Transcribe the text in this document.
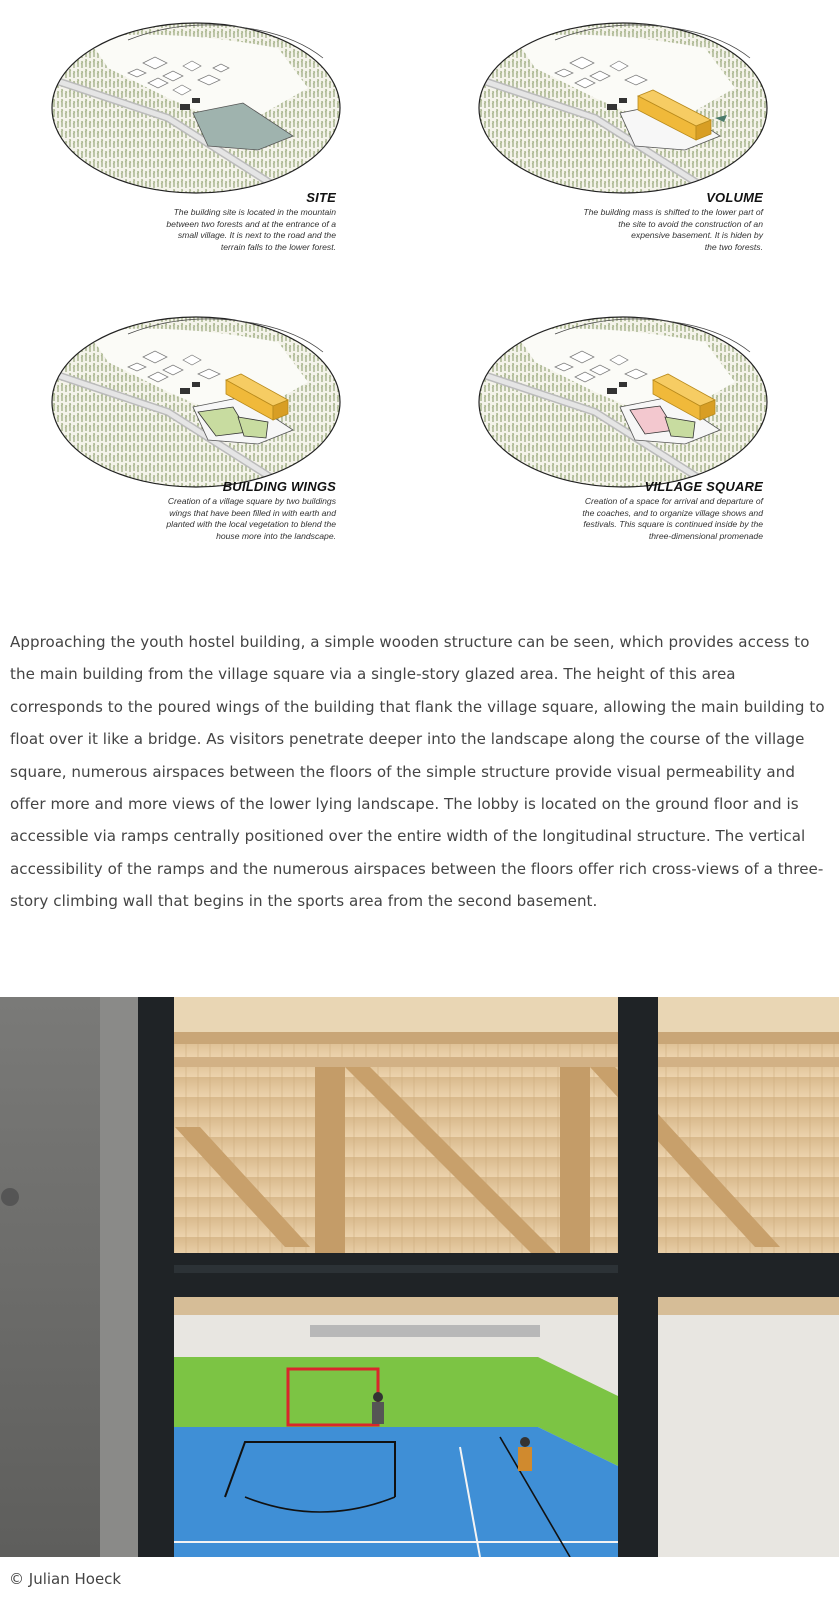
SITE
The building site is located in the mountain
between two forests and at the entrance of a
small village. It is next to the road and the
terrain falls to the lower forest.
VOLUME
The building mass is shifted to the lower part of
the site to avoid the construction of an
expensive basement. It is hiden by
the two forests.
BUILDING WINGS
Creation of a village square by two buildings
wings that have been filled in with earth and
planted with the local vegetation to blend the
house more into the landscape.
VILLAGE SQUARE
Creation of a space for arrival and departure of
the coaches, and to organize village shows and
festivals. This square is continued inside by the
three-dimensional promenade
Approaching the youth hostel building, a simple wooden structure can be seen, which provides access to the main building from the village square via a single-story glazed area. The height of this area corresponds to the poured wings of the building that flank the village square, allowing the main building to float over it like a bridge. As visitors penetrate deeper into the landscape along the course of the village square, numerous airspaces between the floors of the simple structure provide visual permeability and offer more and more views of the lower lying landscape. The lobby is located on the ground floor and is accessible via ramps centrally positioned over the entire width of the longitudinal structure. The vertical accessibility of the ramps and the numerous airspaces between the floors offer rich cross-views of a three-story climbing wall that begins in the sports area from the second basement.
© Julian Hoeck
